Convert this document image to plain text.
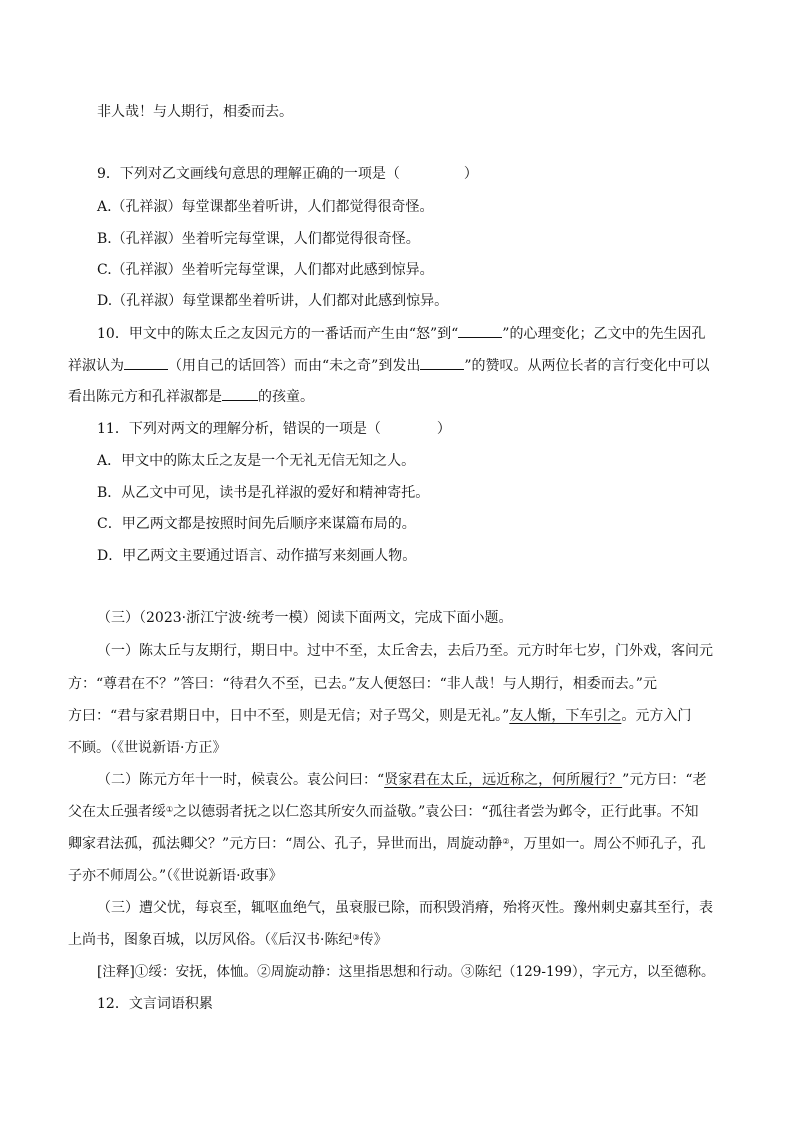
非人哉！与人期行，相委而去。
9．下列对乙文画线句意思的理解正确的一项是（	）
A.（孔祥淑）每堂课都坐着听讲，人们都觉得很奇怪。
B.（孔祥淑）坐着听完每堂课，人们都觉得很奇怪。
C.（孔祥淑）坐着听完每堂课，人们都对此感到惊异。
D.（孔祥淑）每堂课都坐着听讲，人们都对此感到惊异。
10．甲文中的陈太丘之友因元方的一番话而产生由“怒”到“	”的心理变化；乙文中的先生因孔
祥淑认为	（用自己的话回答）而由“未之奇”到发出	”的赞叹。从两位长者的言行变化中可以
看出陈元方和孔祥淑都是	的孩童。
11．下列对两文的理解分析，错误的一项是（	）
A．甲文中的陈太丘之友是一个无礼无信无知之人。
B．从乙文中可见，读书是孔祥淑的爱好和精神寄托。
C．甲乙两文都是按照时间先后顺序来谋篇布局的。
D．甲乙两文主要通过语言、动作描写来刻画人物。
（三）（2023·浙江宁波·统考一模）阅读下面两文，完成下面小题。
（一）陈太丘与友期行，期日中。过中不至，太丘舍去，去后乃至。元方时年七岁，门外戏，客问元
方：“尊君在不？”答曰：“待君久不至，已去。”友人便怒曰：“非人哉！与人期行，相委而去。”元
方曰：“君与家君期日中，日中不至，则是无信；对子骂父，则是无礼。”友人惭，下车引之。元方入门
不顾。（《世说新语·方正》
（二）陈元方年十一时，候袁公。袁公问曰：“贤家君在太丘，远近称之，何所履行？”元方曰：“老
父在太丘强者绥①之以德弱者抚之以仁恣其所安久而益敬。”袁公曰：“孤往者尝为邺令，正行此事。不知
卿家君法孤，孤法卿父？”元方曰：“周公、孔子，异世而出，周旋动静②，万里如一。周公不师孔子，孔
子亦不师周公。”（《世说新语·政事》
（三）遭父忧，每哀至，辄呕血绝气，虽衰服已除，而积毁消瘠，殆将灭性。豫州刺史嘉其至行，表
上尚书，图象百城，以厉风俗。（《后汉书·陈纪③传》
[注释]①绥：安抚，体恤。②周旋动静：这里指思想和行动。③陈纪（129-199），字元方，以至德称。
12．文言词语积累
